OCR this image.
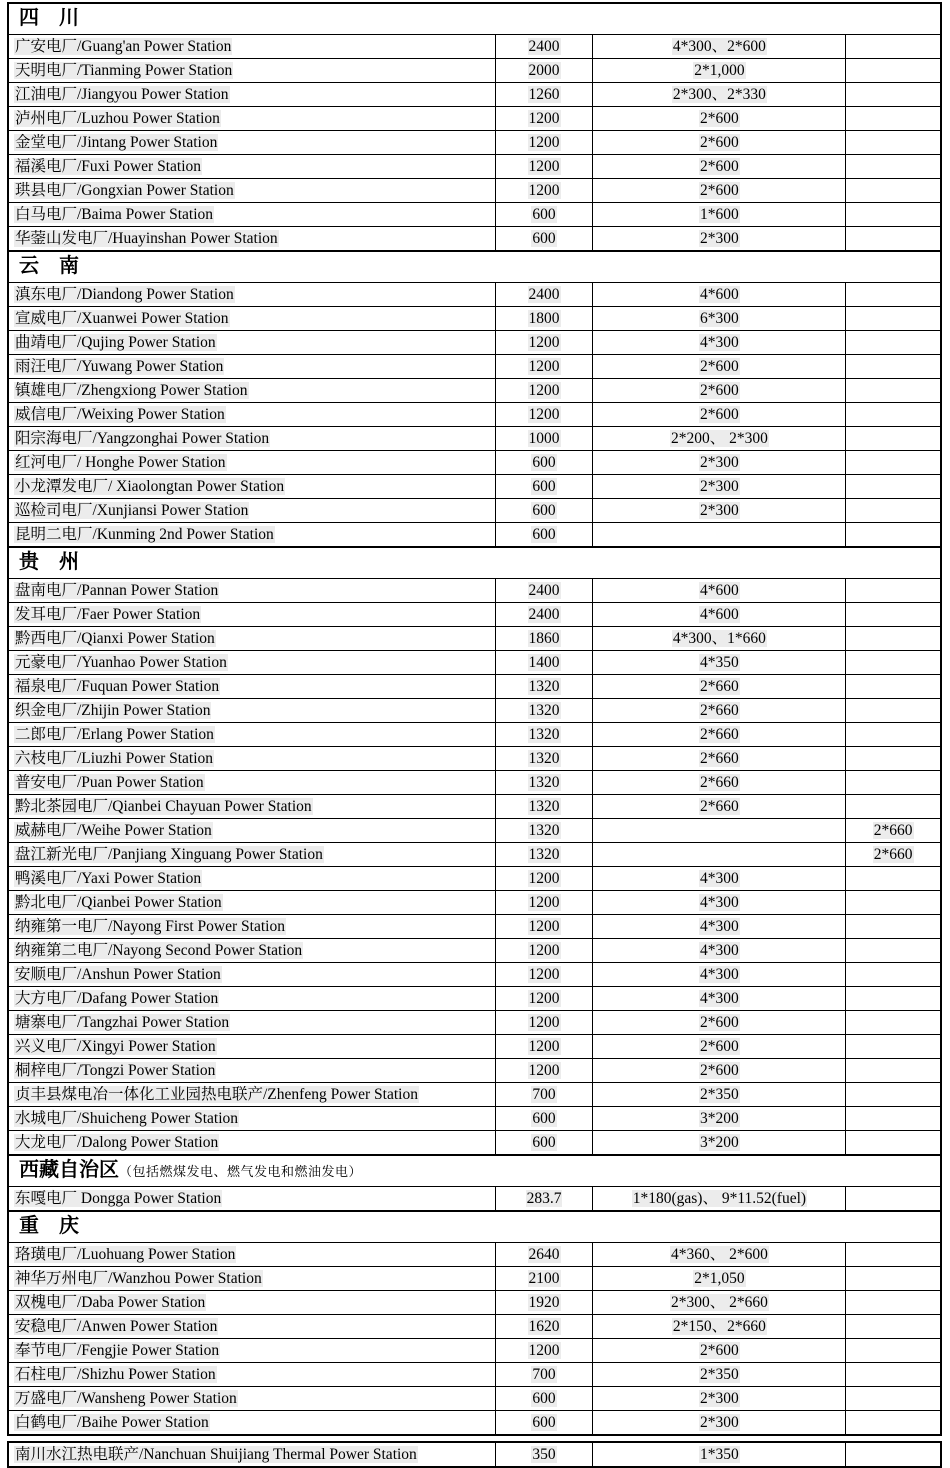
四　川			
广安电厂/Guang'an Power Station	2400	4*300、2*600	
天明电厂/Tianming Power Station	2000	2*1,000	
江油电厂/Jiangyou Power Station	1260	2*300、2*330	
泸州电厂/Luzhou Power Station	1200	2*600	
金堂电厂/Jintang Power Station	1200	2*600	
福溪电厂/Fuxi Power Station	1200	2*600	
珙县电厂/Gongxian Power Station	1200	2*600	
白马电厂/Baima Power Station	600	1*600	
华蓥山发电厂/Huayinshan Power Station	600	2*300	
云　南			
滇东电厂/Diandong Power Station	2400	4*600	
宣威电厂/Xuanwei Power Station	1800	6*300	
曲靖电厂/Qujing Power Station	1200	4*300	
雨汪电厂/Yuwang Power Station	1200	2*600	
镇雄电厂/Zhengxiong Power Station	1200	2*600	
威信电厂/Weixing Power Station	1200	2*600	
阳宗海电厂/Yangzonghai Power Station	1000	2*200、 2*300	
红河电厂/ Honghe Power Station	600	2*300	
小龙潭发电厂/ Xiaolongtan Power Station	600	2*300	
巡检司电厂/Xunjiansi Power Station	600	2*300	
昆明二电厂/Kunming 2nd Power Station	600		
贵　州			
盘南电厂/Pannan Power Station	2400	4*600	
发耳电厂/Faer Power Station	2400	4*600	
黔西电厂/Qianxi Power Station	1860	4*300、1*660	
元豪电厂/Yuanhao Power Station	1400	4*350	
福泉电厂/Fuquan Power Station	1320	2*660	
织金电厂/Zhijin Power Station	1320	2*660	
二郎电厂/Erlang Power Station	1320	2*660	
六枝电厂/Liuzhi Power Station	1320	2*660	
普安电厂/Puan Power Station	1320	2*660	
黔北茶园电厂/Qianbei Chayuan Power Station	1320	2*660	
威赫电厂/Weihe Power Station	1320		2*660
盘江新光电厂/Panjiang Xinguang Power Station	1320		2*660
鸭溪电厂/Yaxi Power Station	1200	4*300	
黔北电厂/Qianbei Power Station	1200	4*300	
纳雍第一电厂/Nayong First Power Station	1200	4*300	
纳雍第二电厂/Nayong Second Power Station	1200	4*300	
安顺电厂/Anshun Power Station	1200	4*300	
大方电厂/Dafang Power Station	1200	4*300	
塘寨电厂/Tangzhai Power Station	1200	2*600	
兴义电厂/Xingyi Power Station	1200	2*600	
桐梓电厂/Tongzi Power Station	1200	2*600	
贞丰县煤电冶一体化工业园热电联产/Zhenfeng Power Station	700	2*350	
水城电厂/Shuicheng Power Station	600	3*200	
大龙电厂/Dalong Power Station	600	3*200	
西藏自治区（包括燃煤发电、燃气发电和燃油发电）
东嘎电厂 Dongga Power Station	283.7	1*180(gas)、 9*11.52(fuel)	
重　庆			
珞璜电厂/Luohuang Power Station	2640	4*360、 2*600	
神华万州电厂/Wanzhou Power Station	2100	2*1,050	
双槐电厂/Daba Power Station	1920	2*300、 2*660	
安稳电厂/Anwen Power Station	1620	2*150、2*660	
奉节电厂/Fengjie Power Station	1200	2*600	
石柱电厂/Shizhu Power Station	700	2*350	
万盛电厂/Wansheng Power Station	600	2*300	
白鹤电厂/Baihe Power Station	600	2*300	
南川水江热电联产/Nanchuan Shuijiang Thermal Power Station	350	1*350	
